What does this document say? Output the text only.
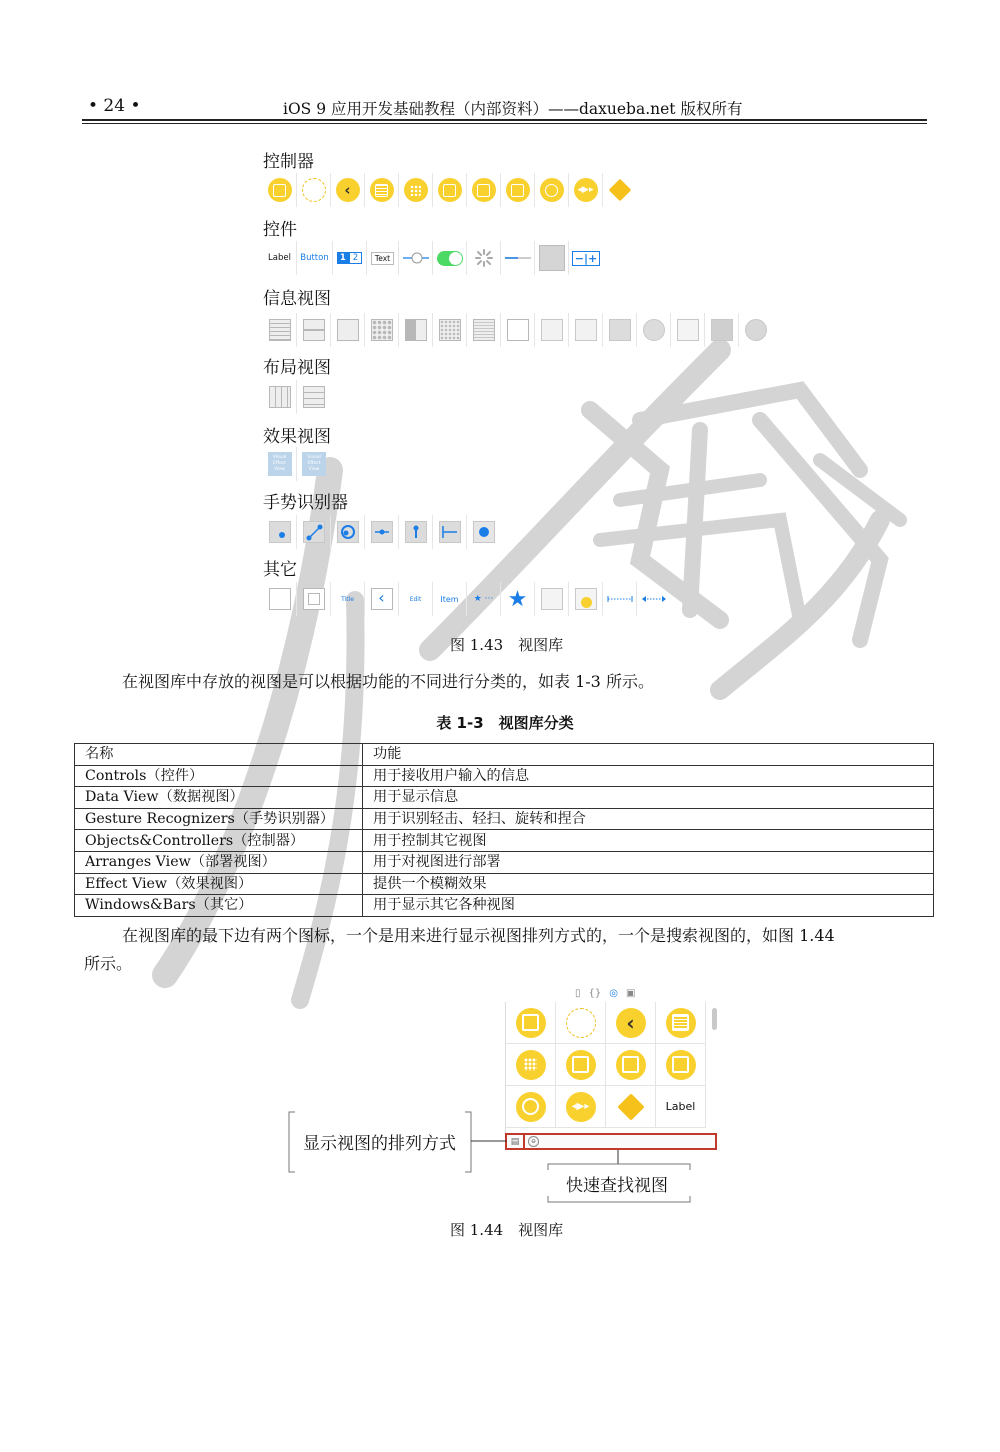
• 24 •	iOS 9 应用开发基础教程（内部资料）——daxueba.net 版权所有
控制器
‹	◂▶▸
控件
Label	Button	1 2	Text	−|+
信息视图
布局视图
效果视图
Visual Effect View
Visual Effect View
手势识别器
其它
Title	‹	Edit Item ★ ··· ★
图 1.43　视图库
在视图库中存放的视图是可以根据功能的不同进行分类的，如表 1-3 所示。
表 1-3　视图库分类
名称	功能
Controls（控件）	用于接收用户输入的信息
Data View（数据视图）	用于显示信息
Gesture Recognizers（手势识别器）	用于识别轻击、轻扫、旋转和捏合
Objects&Controllers（控制器）	用于控制其它视图
Arranges View（部署视图）	用于对视图进行部署
Effect View（效果视图）	提供一个模糊效果
Windows&Bars（其它）	用于显示其它各种视图
在视图库的最下边有两个图标，一个是用来进行显示视图排列方式的，一个是搜索视图的，如图 1.44
所示。
▯ {} ◎ ▣
‹
◂▶▸	Label
▤	⊖
显示视图的排列方式
快速查找视图
图 1.44　视图库
